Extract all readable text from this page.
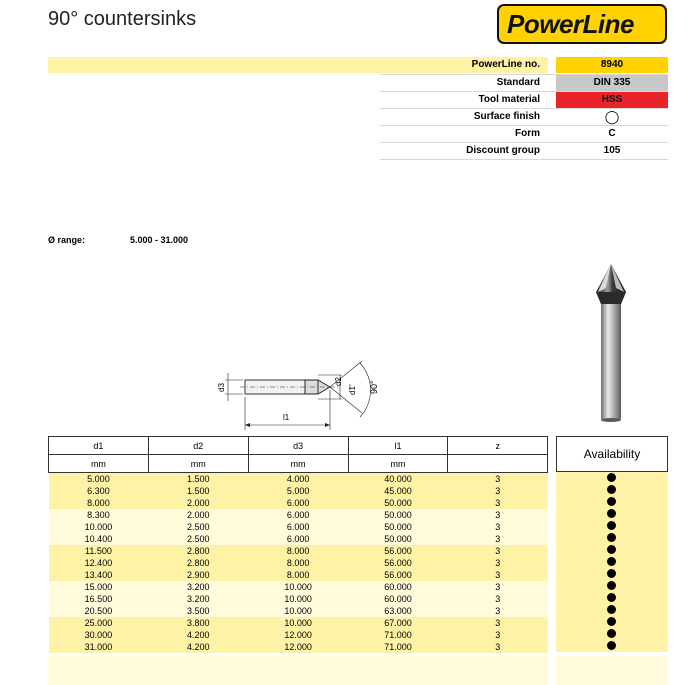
90° countersinks	PowerLine
PowerLine no.	8940
Standard	DIN 335
Tool material	HSS
Surface finish	◯
Form	C
Discount group	105
Ø range:	5.000 - 31.000
d3
d2
d1
l1
90°
d1	d2	d3	l1	z
mm	mm	mm	mm	
5.000	1.500	4.000	40.000	3
6.300	1.500	5.000	45.000	3
8.000	2.000	6.000	50.000	3
8.300	2.000	6.000	50.000	3
10.000	2.500	6.000	50.000	3
10.400	2.500	6.000	50.000	3
11.500	2.800	8.000	56.000	3
12.400	2.800	8.000	56.000	3
13.400	2.900	8.000	56.000	3
15.000	3.200	10.000	60.000	3
16.500	3.200	10.000	60.000	3
20.500	3.500	10.000	63.000	3
25.000	3.800	10.000	67.000	3
30.000	4.200	12.000	71.000	3
31.000	4.200	12.000	71.000	3
Availability
